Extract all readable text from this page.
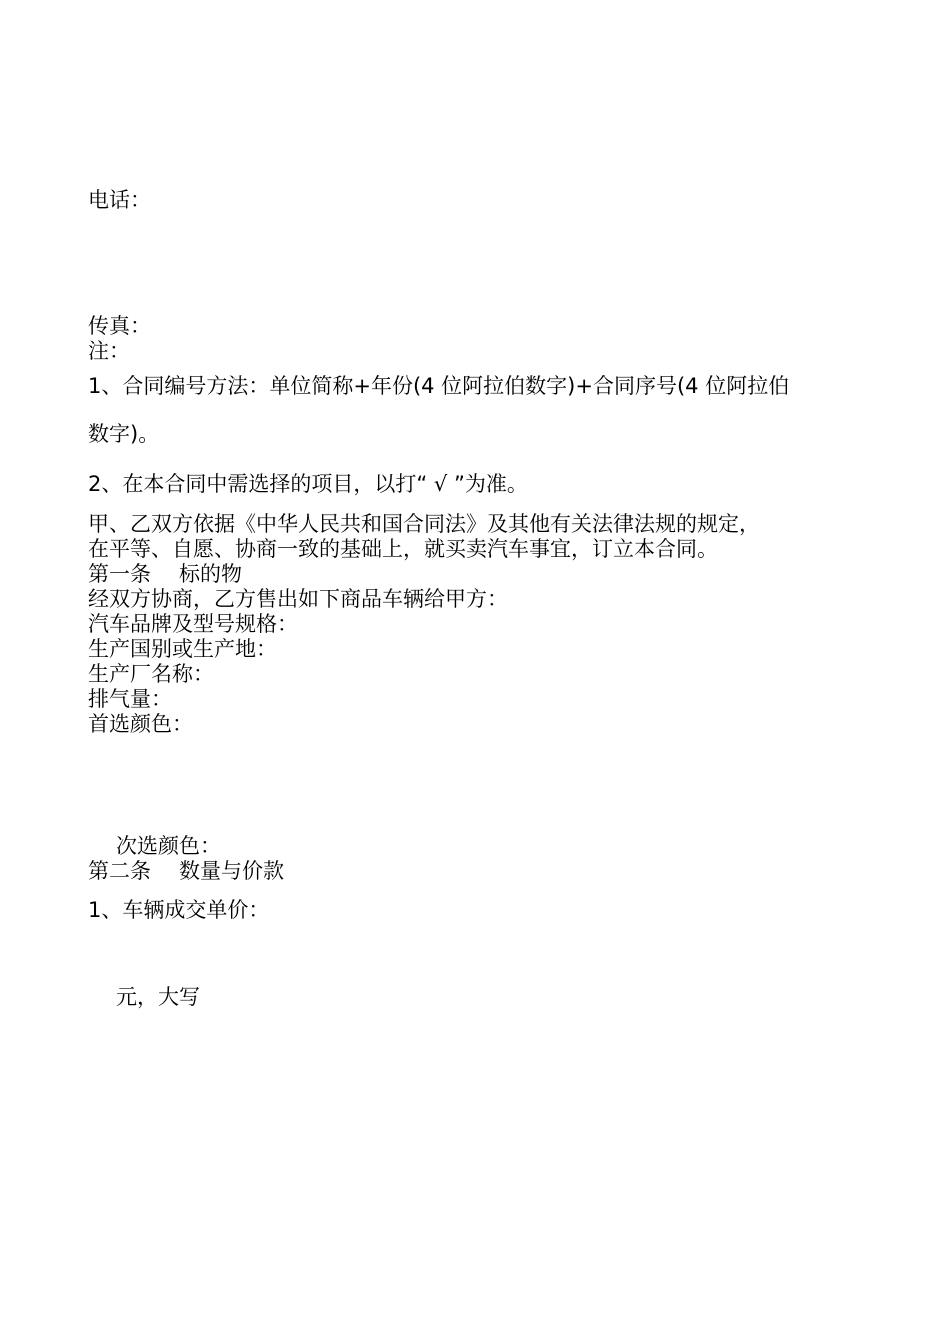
电话：
传真：
注：
1、合同编号方法：单位简称+年份(4 位阿拉伯数字)+合同序号(4 位阿拉伯
数字)。
2、在本合同中需选择的项目，以打“ √ ”为准。
甲、乙双方依据《中华人民共和国合同法》及其他有关法律法规的规定，
在平等、自愿、协商一致的基础上，就买卖汽车事宜，订立本合同。
第一条 标的物
经双方协商，乙方售出如下商品车辆给甲方：
汽车品牌及型号规格：
生产国别或生产地：
生产厂名称：
排气量：
首选颜色：
次选颜色：
第二条 数量与价款
1、车辆成交单价：
元，大写
